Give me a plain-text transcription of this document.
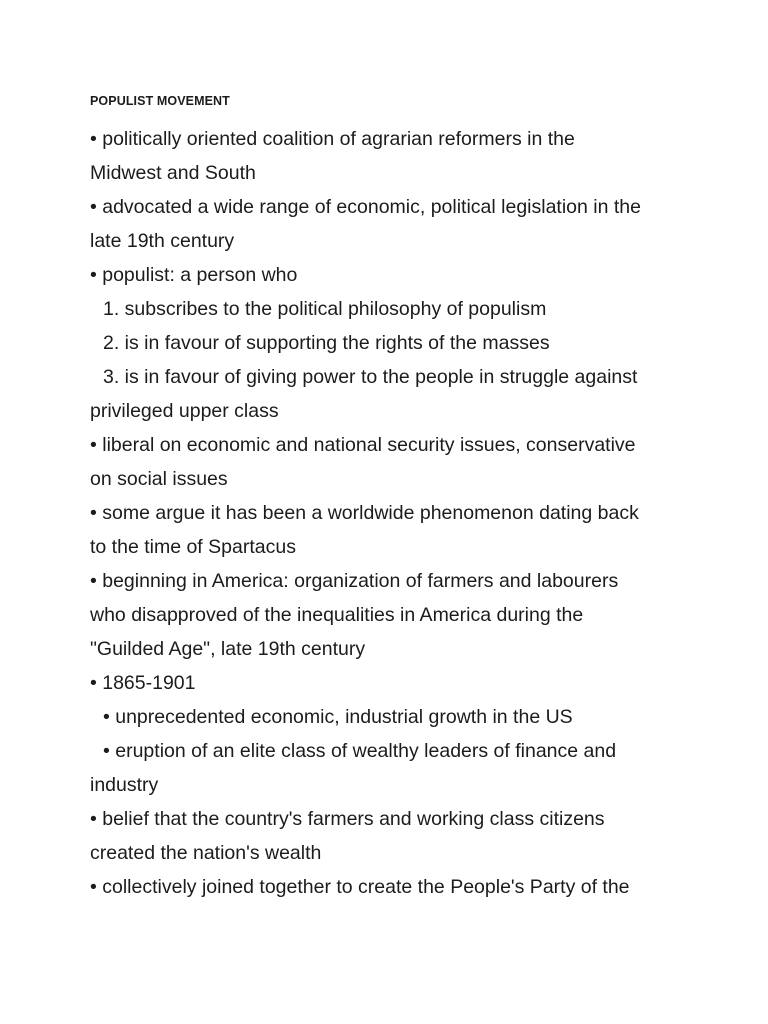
POPULIST MOVEMENT
• politically oriented coalition of agrarian reformers in the
Midwest and South
• advocated a wide range of economic, political legislation in the
late 19th century
• populist: a person who
1. subscribes to the political philosophy of populism
2. is in favour of supporting the rights of the masses
3. is in favour of giving power to the people in struggle against
privileged upper class
• liberal on economic and national security issues, conservative
on social issues
• some argue it has been a worldwide phenomenon dating back
to the time of Spartacus
• beginning in America: organization of farmers and labourers
who disapproved of the inequalities in America during the
"Guilded Age", late 19th century
• 1865-1901
• unprecedented economic, industrial growth in the US
• eruption of an elite class of wealthy leaders of finance and
industry
• belief that the country's farmers and working class citizens
created the nation's wealth
• collectively joined together to create the People's Party of the
